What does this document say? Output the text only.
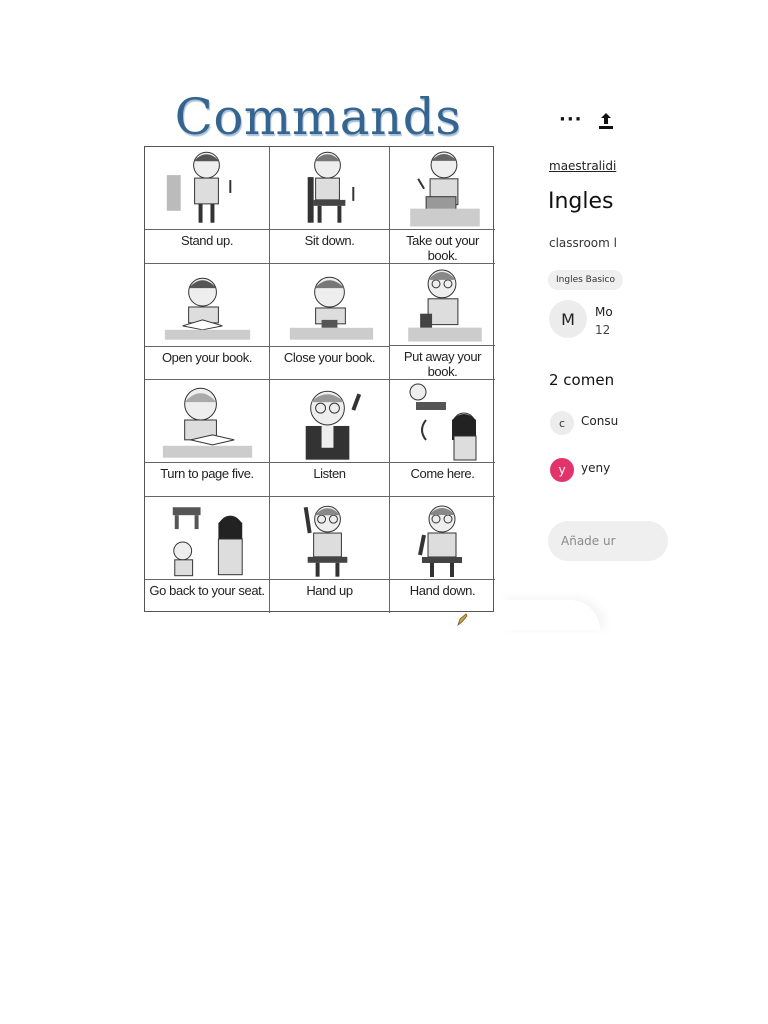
Commands
Stand up.	Sit down.	Take out your book.
Open your book.	Close your book.	Put away your book.
Turn to page five.	Listen	Come here.
Go back to your seat.	Hand up	Hand down.
···
maestralidi
Ingles
classroom l
Ingles Basico
M	Mo
12
2 comen
c	Consu
y	yeny
Añade ur
